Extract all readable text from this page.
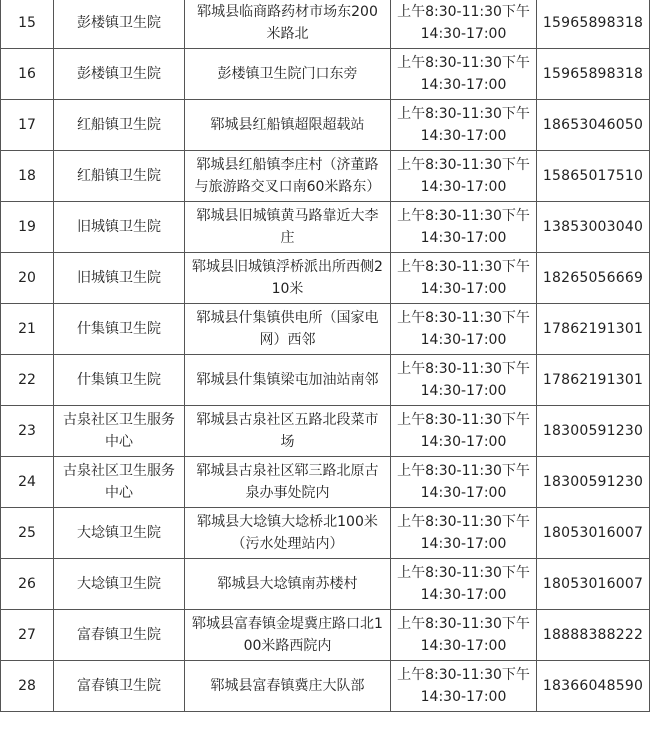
15	彭楼镇卫生院	郓城县临商路药材市场东200米路北	上午8:30-11:30下午14:30-17:00	15965898318
16	彭楼镇卫生院	彭楼镇卫生院门口东旁	上午8:30-11:30下午14:30-17:00	15965898318
17	红船镇卫生院	郓城县红船镇超限超载站	上午8:30-11:30下午14:30-17:00	18653046050
18	红船镇卫生院	郓城县红船镇李庄村（济董路与旅游路交叉口南60米路东）	上午8:30-11:30下午14:30-17:00	15865017510
19	旧城镇卫生院	郓城县旧城镇黄马路靠近大李庄	上午8:30-11:30下午14:30-17:00	13853003040
20	旧城镇卫生院	郓城县旧城镇浮桥派出所西侧210米	上午8:30-11:30下午14:30-17:00	18265056669
21	什集镇卫生院	郓城县什集镇供电所（国家电网）西邻	上午8:30-11:30下午14:30-17:00	17862191301
22	什集镇卫生院	郓城县什集镇梁屯加油站南邻	上午8:30-11:30下午14:30-17:00	17862191301
23	古泉社区卫生服务中心	郓城县古泉社区五路北段菜市场	上午8:30-11:30下午14:30-17:00	18300591230
24	古泉社区卫生服务中心	郓城县古泉社区郓三路北原古泉办事处院内	上午8:30-11:30下午14:30-17:00	18300591230
25	大埝镇卫生院	郓城县大埝镇大埝桥北100米（污水处理站内）	上午8:30-11:30下午14:30-17:00	18053016007
26	大埝镇卫生院	郓城县大埝镇南苏楼村	上午8:30-11:30下午14:30-17:00	18053016007
27	富春镇卫生院	郓城县富春镇金堤冀庄路口北100米路西院内	上午8:30-11:30下午14:30-17:00	18888388222
28	富春镇卫生院	郓城县富春镇冀庄大队部	上午8:30-11:30下午14:30-17:00	18366048590
